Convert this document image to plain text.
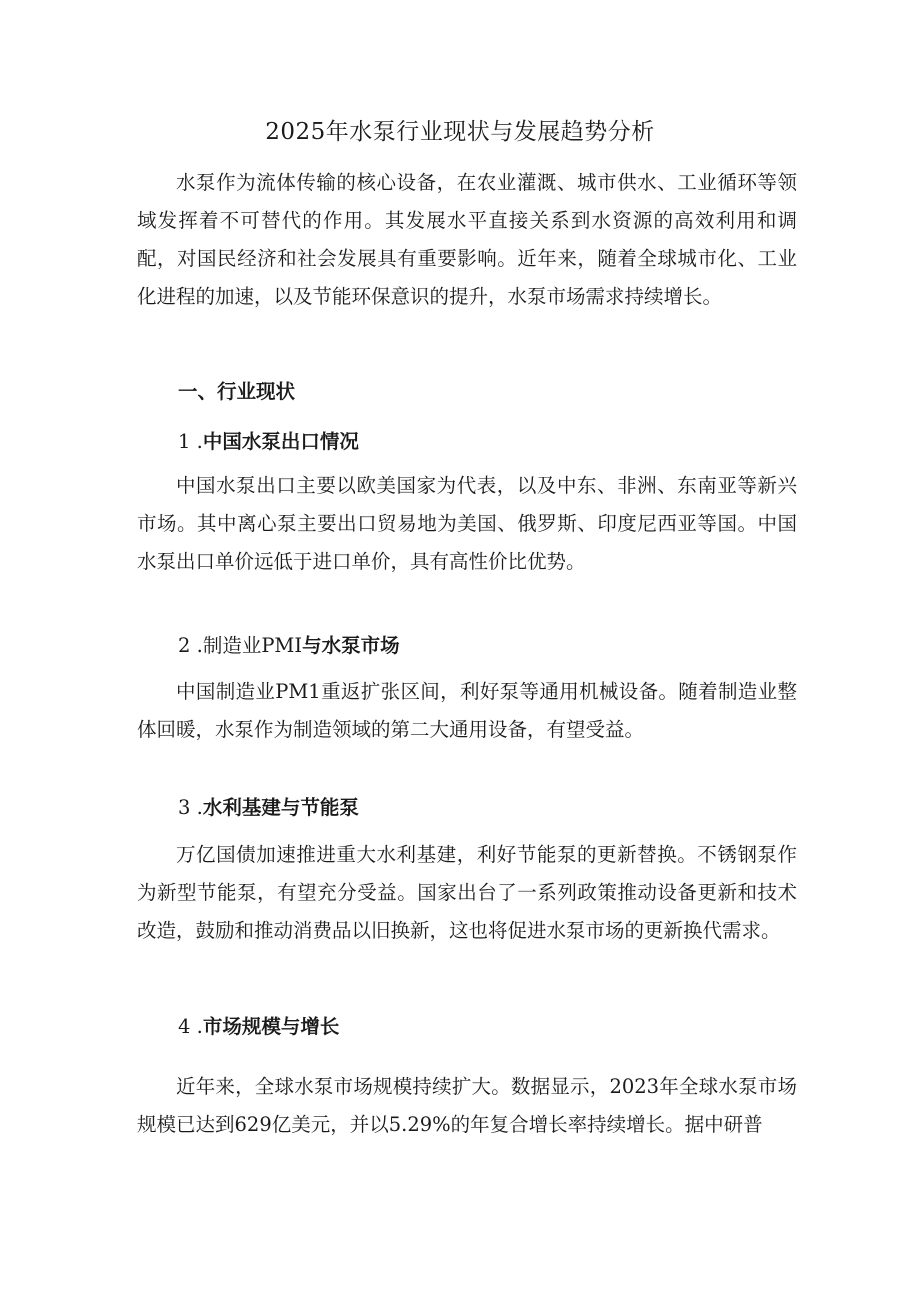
2025年水泵行业现状与发展趋势分析

水泵作为流体传输的核心设备，在农业灌溉、城市供水、工业循环等领域发挥着不可替代的作用。其发展水平直接关系到水资源的高效利用和调配，对国民经济和社会发展具有重要影响。近年来，随着全球城市化、工业化进程的加速，以及节能环保意识的提升，水泵市场需求持续增长。

一、行业现状
1 .中国水泵出口情况

中国水泵出口主要以欧美国家为代表，以及中东、非洲、东南亚等新兴市场。其中离心泵主要出口贸易地为美国、俄罗斯、印度尼西亚等国。中国水泵出口单价远低于进口单价，具有高性价比优势。

2 .制造业PMI与水泵市场

中国制造业PM1重返扩张区间，利好泵等通用机械设备。随着制造业整体回暖，水泵作为制造领域的第二大通用设备，有望受益。

3 .水利基建与节能泵

万亿国债加速推进重大水利基建，利好节能泵的更新替换。不锈钢泵作为新型节能泵，有望充分受益。国家出台了一系列政策推动设备更新和技术改造，鼓励和推动消费品以旧换新，这也将促进水泵市场的更新换代需求。

4 .市场规模与增长

近年来，全球水泵市场规模持续扩大。数据显示，2023年全球水泵市场规模已达到629亿美元，并以5.29%的年复合增长率持续增长。据中研普
